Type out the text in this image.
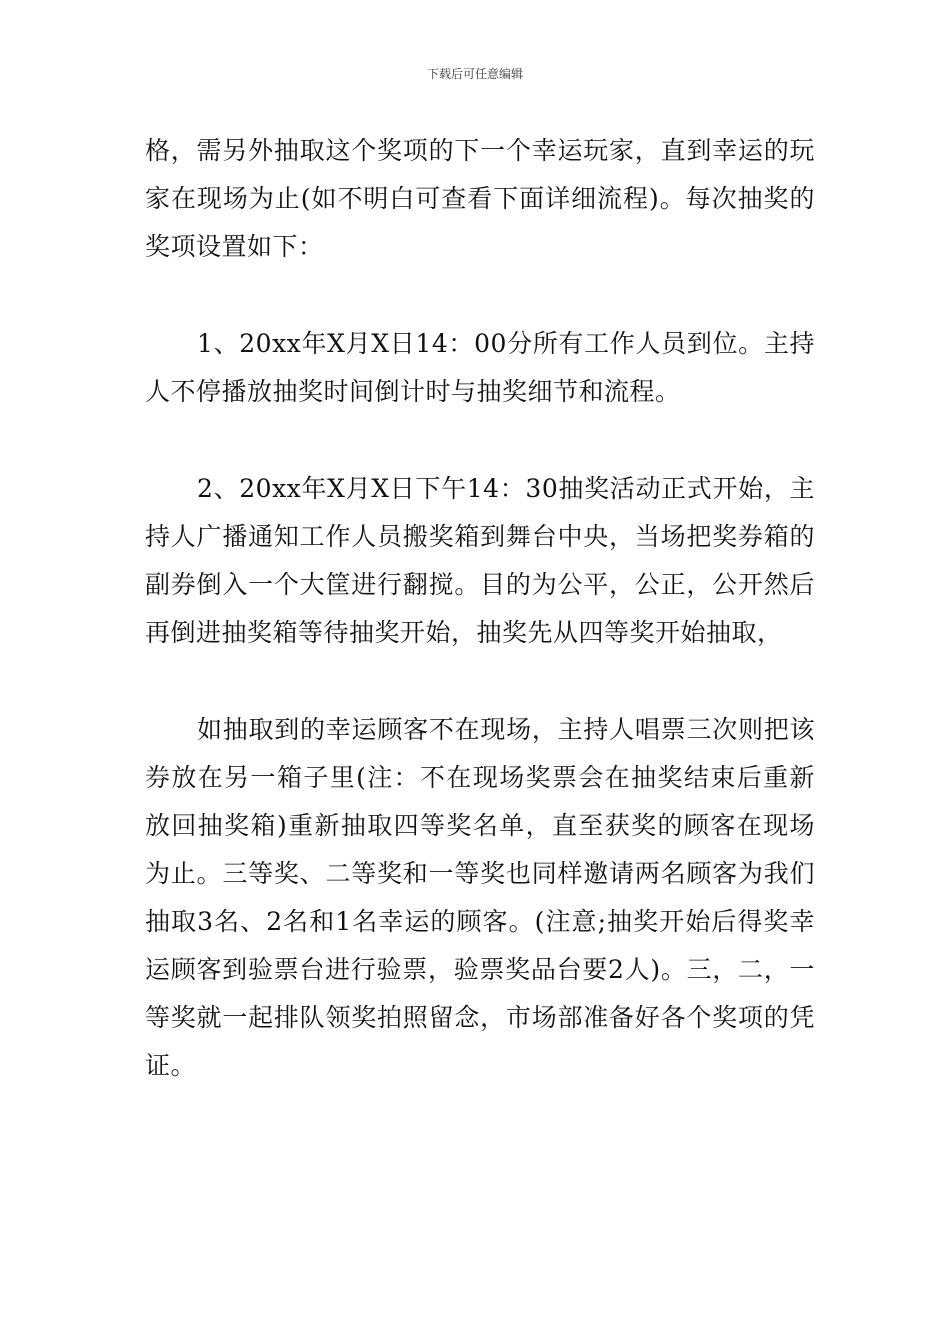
下载后可任意编辑

格，需另外抽取这个奖项的下一个幸运玩家，直到幸运的玩家在现场为止(如不明白可查看下面详细流程)。每次抽奖的奖项设置如下：

1、20xx年X月X日14：00分所有工作人员到位。主持人不停播放抽奖时间倒计时与抽奖细节和流程。

2、20xx年X月X日下午14：30抽奖活动正式开始，主持人广播通知工作人员搬奖箱到舞台中央，当场把奖券箱的副券倒入一个大筐进行翻搅。目的为公平，公正，公开然后再倒进抽奖箱等待抽奖开始，抽奖先从四等奖开始抽取，

如抽取到的幸运顾客不在现场，主持人唱票三次则把该券放在另一箱子里(注：不在现场奖票会在抽奖结束后重新放回抽奖箱)重新抽取四等奖名单，直至获奖的顾客在现场为止。三等奖、二等奖和一等奖也同样邀请两名顾客为我们抽取3名、2名和1名幸运的顾客。(注意;抽奖开始后得奖幸运顾客到验票台进行验票，验票奖品台要2人)。三，二，一等奖就一起排队领奖拍照留念，市场部准备好各个奖项的凭证。
